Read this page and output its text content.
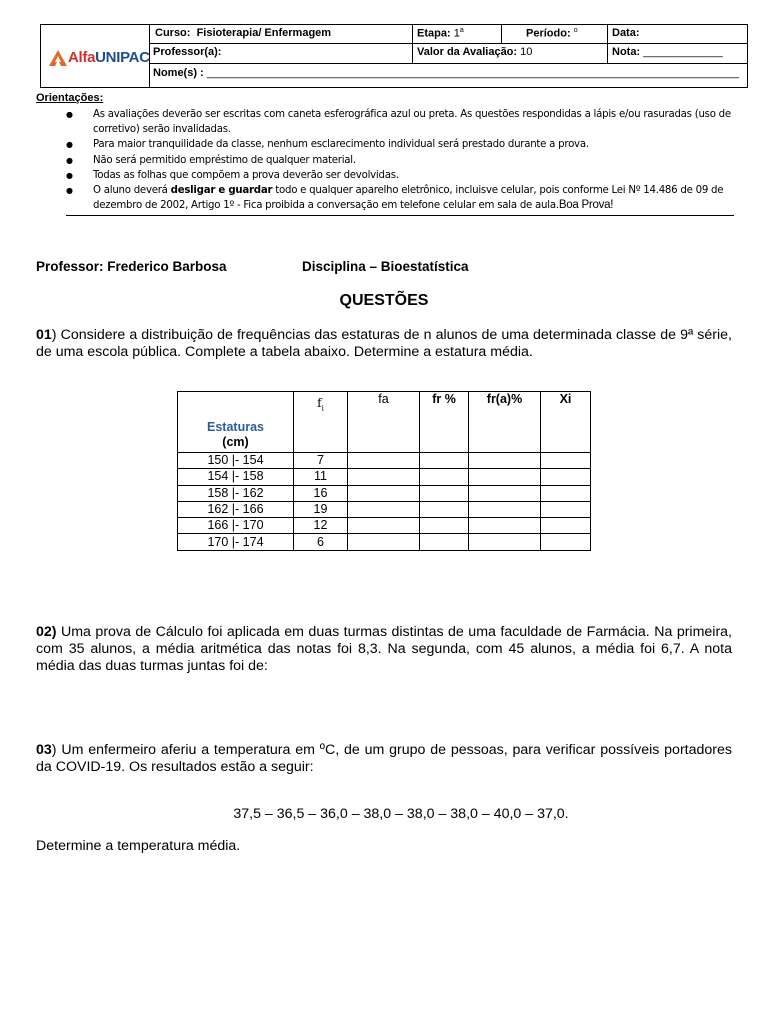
·
Alfa UNIPAC
Curso: Fisioterapia/ Enfermagem	Etapa: 1$^a$	Período: $^o$	Data:
Professor(a):	Valor da Avaliação: 10	Nota: _____________
Nome(s) : _______________________________________________________________________________________
Orientações:
● As avaliações deverão ser escritas com caneta esferográfica azul ou preta. As questões respondidas a lápis e/ou rasuradas (uso de corretivo) serão invalidadas.
● Para maior tranquilidade da classe, nenhum esclarecimento individual será prestado durante a prova.
● Não será permitido empréstimo de qualquer material.
● Todas as folhas que compõem a prova deverão ser devolvidas.
● O aluno deverá desligar e guardar todo e qualquer aparelho eletrônico, incluisve celular, pois conforme Lei Nº 14.486 de 09 de dezembro de 2002, Artigo 1º - Fica proibida a conversação em telefone celular em sala de aula.Boa Prova!
Professor: Frederico Barbosa	Disciplina – Bioestatística
QUESTÕES
01) Considere a distribuição de frequências das estaturas de n alunos de uma determinada classe de 9ª série, de uma escola pública. Complete a tabela abaixo. Determine a estatura média.
Estaturas
(cm)	$f_i$	fa	fr %	fr(a)%	Xi
150 |- 154	7				
154 |- 158	11				
158 |- 162	16				
162 |- 166	19				
166 |- 170	12				
170 |- 174	6				
02) Uma prova de Cálculo foi aplicada em duas turmas distintas de uma faculdade de Farmácia. Na primeira, com 35 alunos, a média aritmética das notas foi 8,3. Na segunda, com 45 alunos, a média foi 6,7. A nota média das duas turmas juntas foi de:
03) Um enfermeiro aferiu a temperatura em ºC, de um grupo de pessoas, para verificar possíveis portadores da COVID-19. Os resultados estão a seguir:
37,5 – 36,5 – 36,0 – 38,0 – 38,0 – 38,0 – 40,0 – 37,0.
Determine a temperatura média.
